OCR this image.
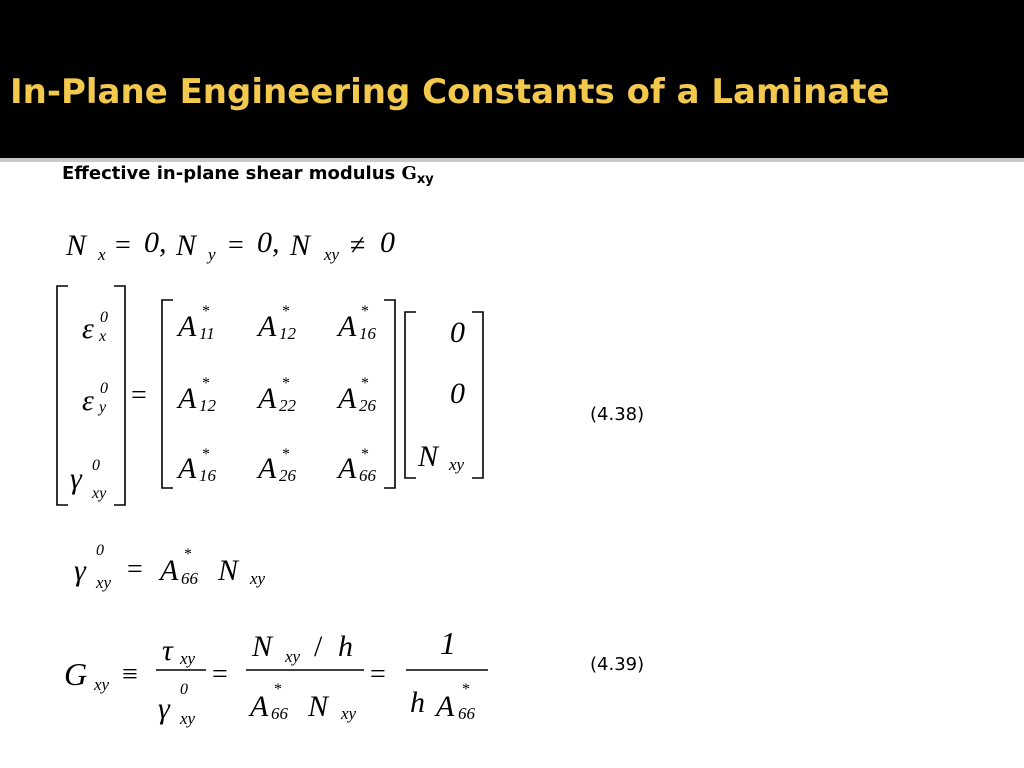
In-Plane Engineering Constants of a Laminate
Effective in-plane shear modulus $G_{xy}$
N x = 0, N y = 0, N xy ≠ 0
ε 0
x
ε 0
y
γ 0
xy
=
A *
11 A *
12 A *
16
A *
12 A *
22 A *
26
A *
16 A *
26 A *
66
0
0
N xy
(4.38)
γ
0
xy = A *
66 N xy
G xy ≡
τ xy
γ
0
xy
=
N xy / h
A
*
66 N xy
=
1
h A
*
66
(4.39)
